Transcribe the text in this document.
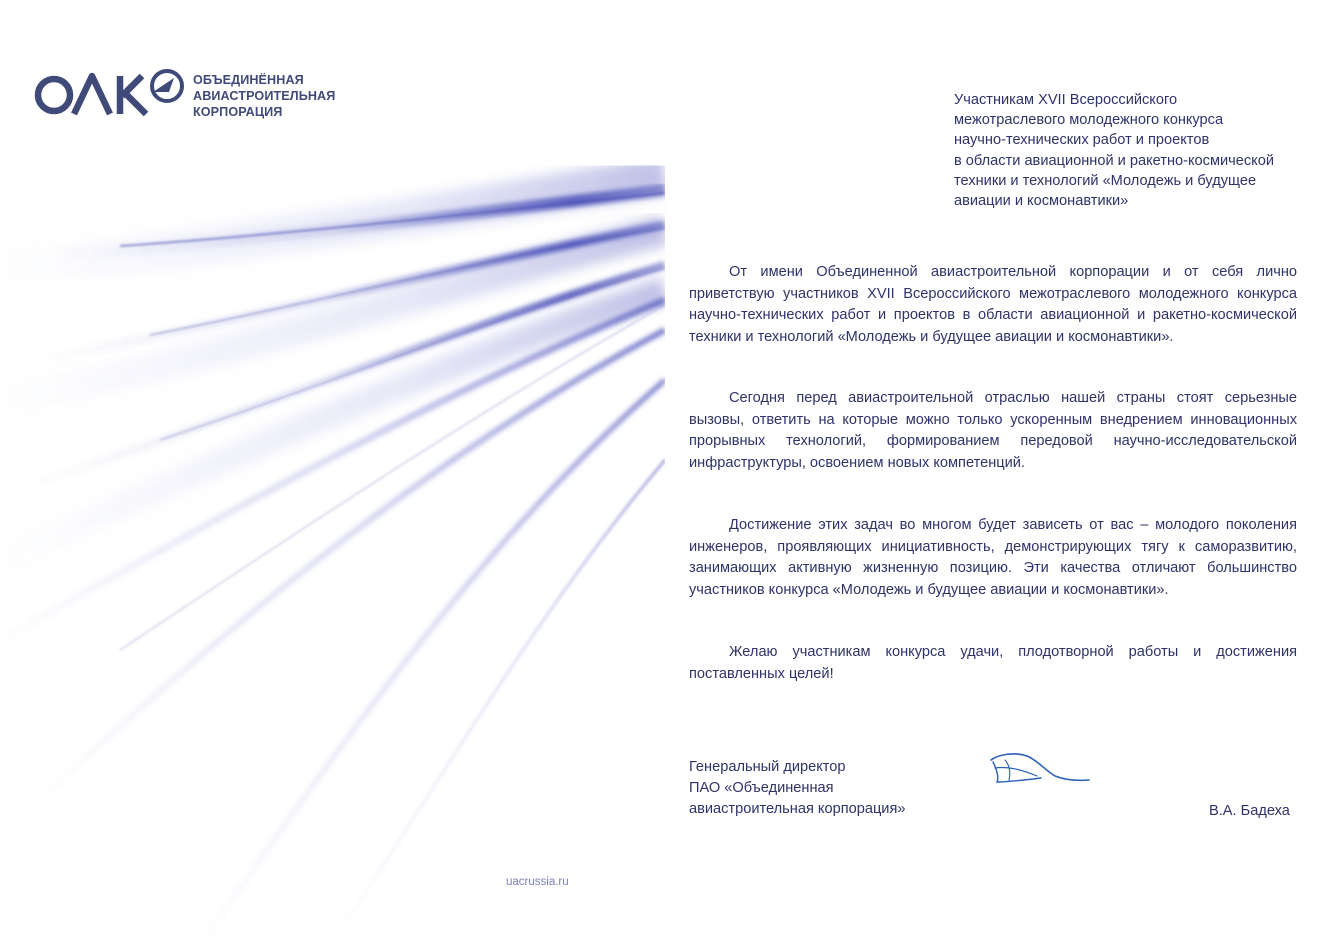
ОБЪЕДИНЁННАЯ
АВИАСТРОИТЕЛЬНАЯ
КОРПОРАЦИЯ
Участникам XVII Всероссийского
межотраслевого молодежного конкурса
научно-технических работ и проектов
в области авиационной и ракетно-космической
техники и технологий «Молодежь и будущее
авиации и космонавтики»

От имени Объединенной авиастроительной корпорации и от себя лично приветствую участников XVII Всероссийского межотраслевого молодежного конкурса научно-технических работ и проектов в области авиационной и ракетно-космической техники и технологий «Молодежь и будущее авиации и космонавтики».

Сегодня перед авиастроительной отраслью нашей страны стоят серьезные вызовы, ответить на которые можно только ускоренным внедрением инновационных прорывных технологий, формированием передовой научно-исследовательской инфраструктуры, освоением новых компетенций.

Достижение этих задач во многом будет зависеть от вас – молодого поколения инженеров, проявляющих инициативность, демонстрирующих тягу к саморазвитию, занимающих активную жизненную позицию. Эти качества отличают большинство участников конкурса «Молодежь и будущее авиации и космонавтики».

Желаю участникам конкурса удачи, плодотворной работы и достижения поставленных целей!

Генеральный директор
ПАО «Объединенная
авиастроительная корпорация»	В.А. Бадеха
uacrussia.ru
